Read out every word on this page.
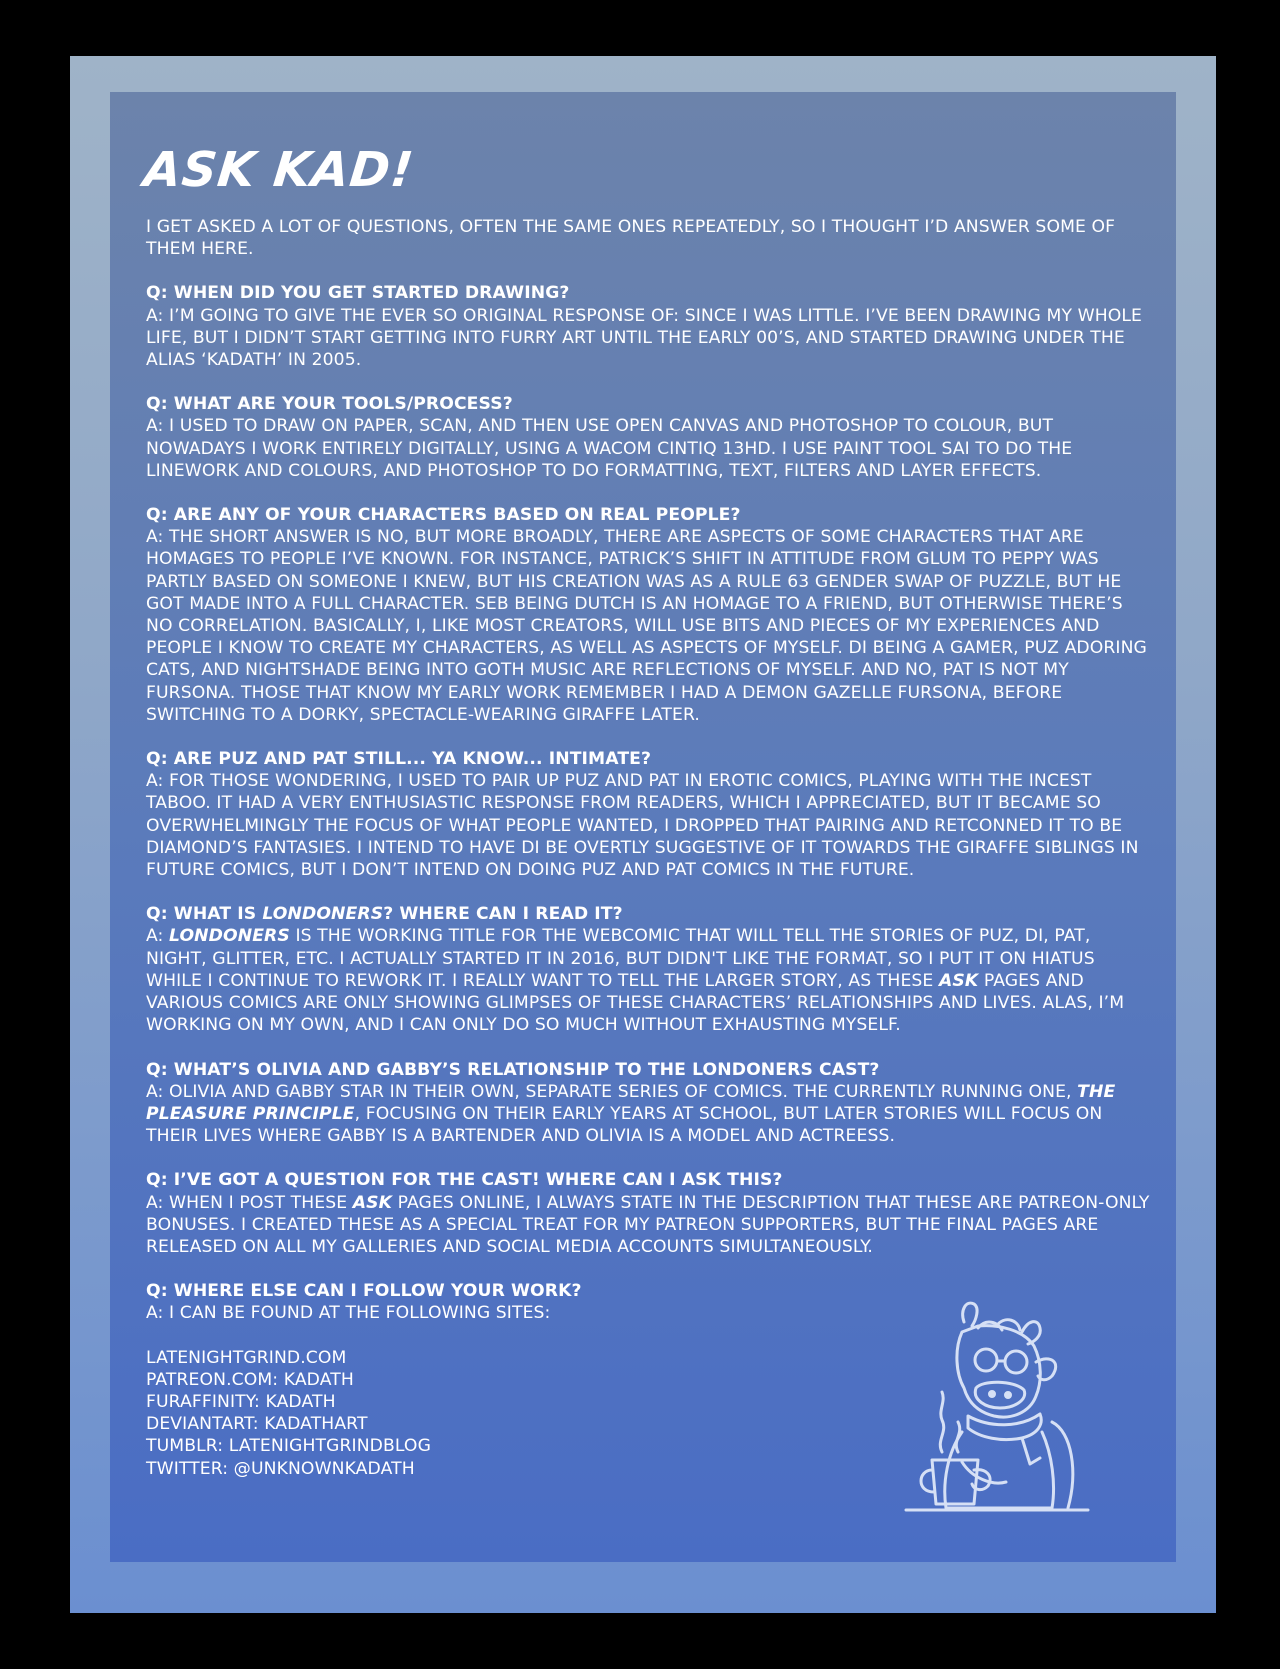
ASK KAD!

I GET ASKED A LOT OF QUESTIONS, OFTEN THE SAME ONES REPEATEDLY, SO I THOUGHT I’D ANSWER SOME OF THEM HERE.

Q: WHEN DID YOU GET STARTED DRAWING?
A: I’M GOING TO GIVE THE EVER SO ORIGINAL RESPONSE OF: SINCE I WAS LITTLE. I’VE BEEN DRAWING MY WHOLE LIFE, BUT I DIDN’T START GETTING INTO FURRY ART UNTIL THE EARLY 00’S, AND STARTED DRAWING UNDER THE ALIAS ‘KADATH’ IN 2005.
Q: WHAT ARE YOUR TOOLS/PROCESS?
A: I USED TO DRAW ON PAPER, SCAN, AND THEN USE OPEN CANVAS AND PHOTOSHOP TO COLOUR, BUT NOWADAYS I WORK ENTIRELY DIGITALLY, USING A WACOM CINTIQ 13HD. I USE PAINT TOOL SAI TO DO THE LINEWORK AND COLOURS, AND PHOTOSHOP TO DO FORMATTING, TEXT, FILTERS AND LAYER EFFECTS.
Q: ARE ANY OF YOUR CHARACTERS BASED ON REAL PEOPLE?
A: THE SHORT ANSWER IS NO, BUT MORE BROADLY, THERE ARE ASPECTS OF SOME CHARACTERS THAT ARE HOMAGES TO PEOPLE I’VE KNOWN. FOR INSTANCE, PATRICK’S SHIFT IN ATTITUDE FROM GLUM TO PEPPY WAS PARTLY BASED ON SOMEONE I KNEW, BUT HIS CREATION WAS AS A RULE 63 GENDER SWAP OF PUZZLE, BUT HE GOT MADE INTO A FULL CHARACTER. SEB BEING DUTCH IS AN HOMAGE TO A FRIEND, BUT OTHERWISE THERE’S NO CORRELATION. BASICALLY, I, LIKE MOST CREATORS, WILL USE BITS AND PIECES OF MY EXPERIENCES AND PEOPLE I KNOW TO CREATE MY CHARACTERS, AS WELL AS ASPECTS OF MYSELF. DI BEING A GAMER, PUZ ADORING CATS, AND NIGHTSHADE BEING INTO GOTH MUSIC ARE REFLECTIONS OF MYSELF. AND NO, PAT IS NOT MY FURSONA. THOSE THAT KNOW MY EARLY WORK REMEMBER I HAD A DEMON GAZELLE FURSONA, BEFORE SWITCHING TO A DORKY, SPECTACLE-WEARING GIRAFFE LATER.
Q: ARE PUZ AND PAT STILL... YA KNOW... INTIMATE?
A: FOR THOSE WONDERING, I USED TO PAIR UP PUZ AND PAT IN EROTIC COMICS, PLAYING WITH THE INCEST TABOO. IT HAD A VERY ENTHUSIASTIC RESPONSE FROM READERS, WHICH I APPRECIATED, BUT IT BECAME SO OVERWHELMINGLY THE FOCUS OF WHAT PEOPLE WANTED, I DROPPED THAT PAIRING AND RETCONNED IT TO BE DIAMOND’S FANTASIES. I INTEND TO HAVE DI BE OVERTLY SUGGESTIVE OF IT TOWARDS THE GIRAFFE SIBLINGS IN FUTURE COMICS, BUT I DON’T INTEND ON DOING PUZ AND PAT COMICS IN THE FUTURE.
Q: WHAT IS LONDONERS? WHERE CAN I READ IT?
A: LONDONERS IS THE WORKING TITLE FOR THE WEBCOMIC THAT WILL TELL THE STORIES OF PUZ, DI, PAT, NIGHT, GLITTER, ETC. I ACTUALLY STARTED IT IN 2016, BUT DIDN'T LIKE THE FORMAT, SO I PUT IT ON HIATUS WHILE I CONTINUE TO REWORK IT. I REALLY WANT TO TELL THE LARGER STORY, AS THESE ASK PAGES AND VARIOUS COMICS ARE ONLY SHOWING GLIMPSES OF THESE CHARACTERS’ RELATIONSHIPS AND LIVES. ALAS, I’M WORKING ON MY OWN, AND I CAN ONLY DO SO MUCH WITHOUT EXHAUSTING MYSELF.
Q: WHAT’S OLIVIA AND GABBY’S RELATIONSHIP TO THE LONDONERS CAST?
A: OLIVIA AND GABBY STAR IN THEIR OWN, SEPARATE SERIES OF COMICS. THE CURRENTLY RUNNING ONE, THE PLEASURE PRINCIPLE, FOCUSING ON THEIR EARLY YEARS AT SCHOOL, BUT LATER STORIES WILL FOCUS ON THEIR LIVES WHERE GABBY IS A BARTENDER AND OLIVIA IS A MODEL AND ACTREESS.
Q: I’VE GOT A QUESTION FOR THE CAST! WHERE CAN I ASK THIS?
A: WHEN I POST THESE ASK PAGES ONLINE, I ALWAYS STATE IN THE DESCRIPTION THAT THESE ARE PATREON-ONLY BONUSES. I CREATED THESE AS A SPECIAL TREAT FOR MY PATREON SUPPORTERS, BUT THE FINAL PAGES ARE RELEASED ON ALL MY GALLERIES AND SOCIAL MEDIA ACCOUNTS SIMULTANEOUSLY.
Q: WHERE ELSE CAN I FOLLOW YOUR WORK?
A: I CAN BE FOUND AT THE FOLLOWING SITES:
LATENIGHTGRIND.COM
PATREON.COM: KADATH
FURAFFINITY: KADATH
DEVIANTART: KADATHART
TUMBLR: LATENIGHTGRINDBLOG
TWITTER: @UNKNOWNKADATH
